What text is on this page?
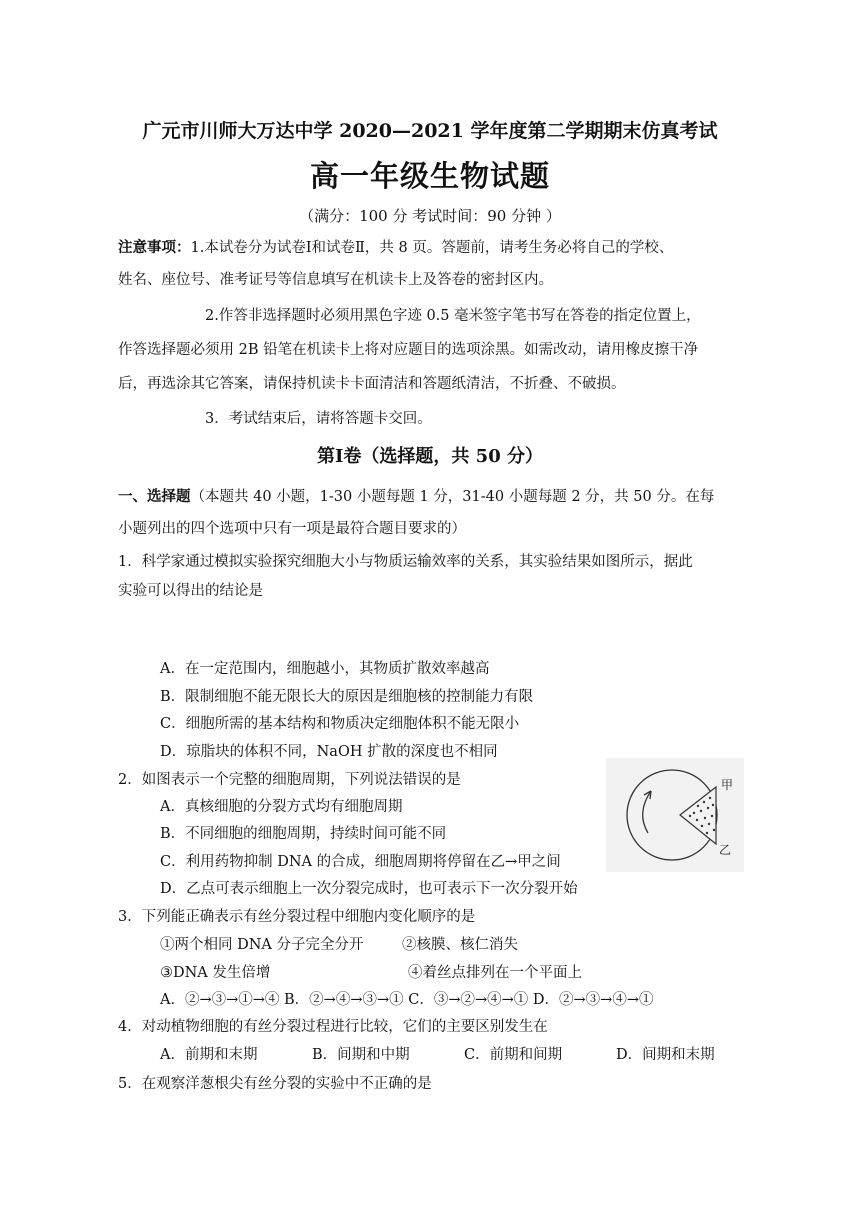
广元市川师大万达中学 2020—2021 学年度第二学期期末仿真考试
高一年级生物试题
（满分：100 分 考试时间：90 分钟 ）
注意事项：1.本试卷分为试卷Ⅰ和试卷Ⅱ，共 8 页。答题前，请考生务必将自己的学校、
姓名、座位号、准考证号等信息填写在机读卡上及答卷的密封区内。
2.作答非选择题时必须用黑色字迹 0.5 毫米签字笔书写在答卷的指定位置上，
作答选择题必须用 2B 铅笔在机读卡上将对应题目的选项涂黑。如需改动，请用橡皮擦干净
后，再选涂其它答案，请保持机读卡卡面清洁和答题纸清洁，不折叠、不破损。
3．考试结束后，请将答题卡交回。
第Ⅰ卷（选择题，共 50 分）
一、选择题（本题共 40 小题，1-30 小题每题 1 分，31-40 小题每题 2 分，共 50 分。在每
小题列出的四个选项中只有一项是最符合题目要求的）
1．科学家通过模拟实验探究细胞大小与物质运输效率的关系，其实验结果如图所示，据此
实验可以得出的结论是
A．在一定范围内，细胞越小，其物质扩散效率越高
B．限制细胞不能无限长大的原因是细胞核的控制能力有限
C．细胞所需的基本结构和物质决定细胞体积不能无限小
D．琼脂块的体积不同，NaOH 扩散的深度也不相同
2．如图表示一个完整的细胞周期，下列说法错误的是
A．真核细胞的分裂方式均有细胞周期
B．不同细胞的细胞周期，持续时间可能不同
C．利用药物抑制 DNA 的合成，细胞周期将停留在乙→甲之间
D．乙点可表示细胞上一次分裂完成时，也可表示下一次分裂开始
甲
乙
3．下列能正确表示有丝分裂过程中细胞内变化顺序的是
①两个相同 DNA 分子完全分开	②核膜、核仁消失
③DNA 发生倍增	④着丝点排列在一个平面上
A．②→③→①→④ B．②→④→③→① C．③→②→④→① D．②→③→④→①
4．对动植物细胞的有丝分裂过程进行比较，它们的主要区别发生在
A．前期和末期	B．间期和中期	C．前期和间期	D．间期和末期
5．在观察洋葱根尖有丝分裂的实验中不正确的是
